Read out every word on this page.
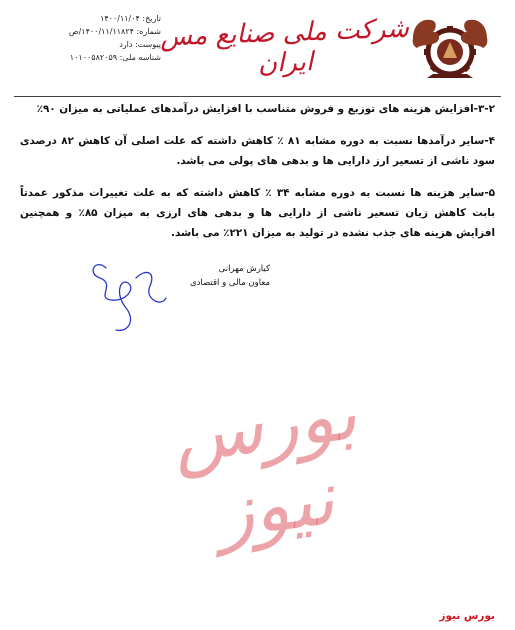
شرکت ملی صنایع مس ایران
تاریخ: ۱۴۰۰/۱۱/۰۴
شماره: ۱۴۰۰/۱۱/۱۱۸۲۴/ص
پیوست: دارد
شناسه ملی: ۱۰۱۰۰۵۸۲۰۵۹

۳-۲-افزایش هزینه های توزیع و فروش متناسب با افزایش درآمدهای عملیاتی به میزان ۹۰٪

۴-سایر درآمدها نسبت به دوره مشابه ۸۱ ٪ کاهش داشته که علت اصلی آن کاهش ۸۲ درصدی سود ناشی از تسعیر ارز دارایی ها و بدهی های پولی می باشد.

۵-سایر هزینه ها نسبت به دوره مشابه ۳۴ ٪ کاهش داشته که به علت تغییرات مذکور عمدتاً بابت کاهش زیان تسعیر ناشی از دارایی ها و بدهی های ارزی به میزان ۸۵٪ و همچنین افزایش هزینه های جذب نشده در تولید به میزان ۲۲۱٪ می باشد.

کیارش مهرانی
معاون مالی و اقتصادی
بورس نیوز
بورس نیوز
